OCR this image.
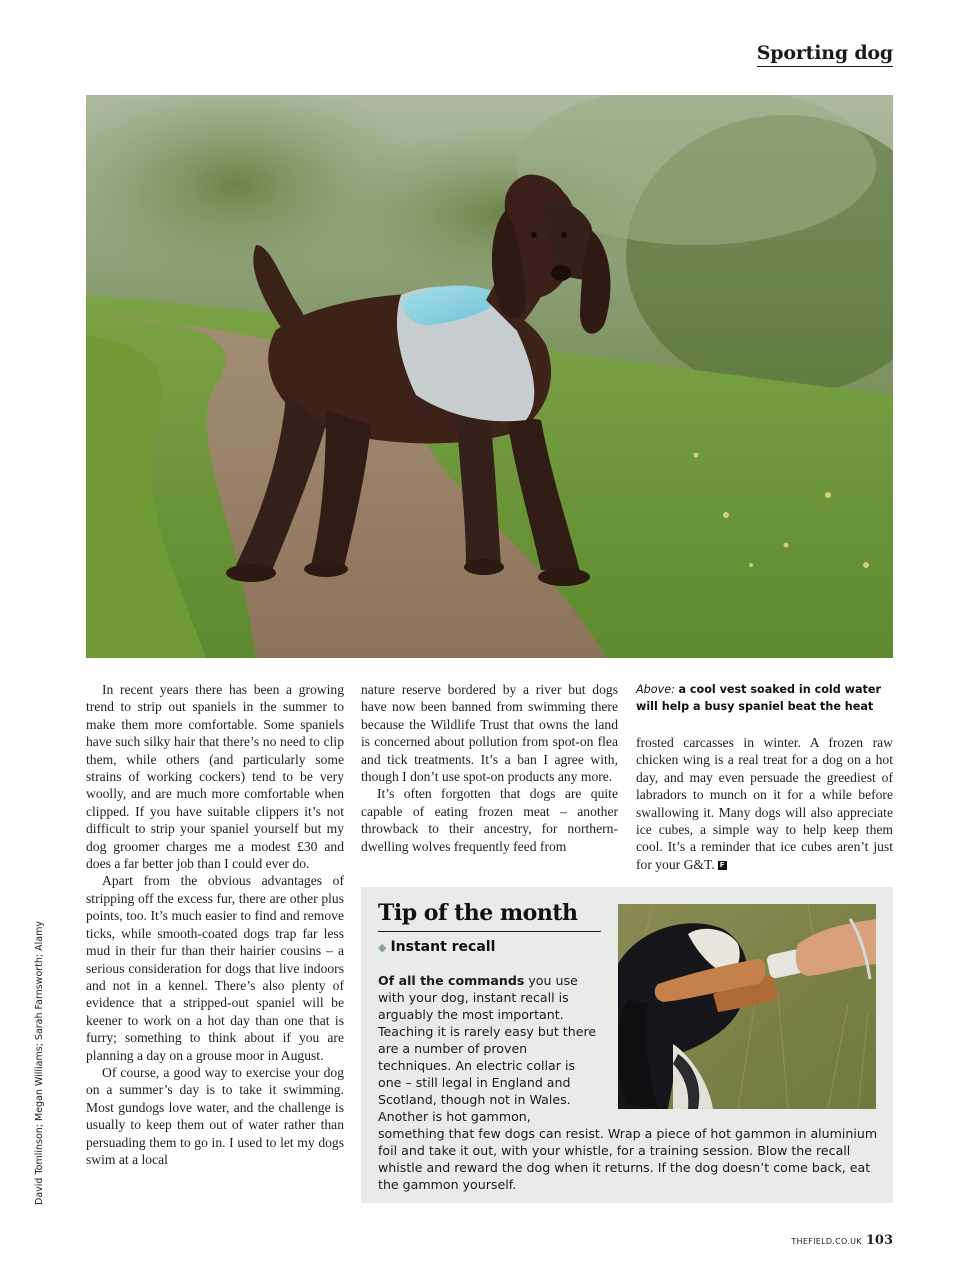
Sporting dog

In recent years there has been a growing trend to strip out spaniels in the summer to make them more comfortable. Some spaniels have such silky hair that there’s no need to clip them, while others (and particularly some strains of working cockers) tend to be very woolly, and are much more comfortable when clipped. If you have suitable clippers it’s not difficult to strip your spaniel yourself but my dog groomer charges me a modest £30 and does a far better job than I could ever do.

Apart from the obvious advantages of stripping off the excess fur, there are other plus points, too. It’s much easier to find and remove ticks, while smooth-coated dogs trap far less mud in their fur than their hairier cousins – a serious consideration for dogs that live indoors and not in a kennel. There’s also plenty of evidence that a stripped-out spaniel will be keener to work on a hot day than one that is furry; something to think about if you are planning a day on a grouse moor in August.

Of course, a good way to exercise your dog on a summer’s day is to take it swimming. Most gundogs love water, and the challenge is usually to keep them out of water rather than persuading them to go in. I used to let my dogs swim at a local

nature reserve bordered by a river but dogs have now been banned from swimming there because the Wildlife Trust that owns the land is concerned about pollution from spot-on flea and tick treatments. It’s a ban I agree with, though I don’t use spot-on products any more.

It’s often forgotten that dogs are quite capable of eating frozen meat – another throwback to their ancestry, for northern-dwelling wolves frequently feed from

Above: a cool vest soaked in cold water will help a busy spaniel beat the heat

frosted carcasses in winter. A frozen raw chicken wing is a real treat for a dog on a hot day, and may even persuade the greediest of labradors to munch on it for a while before swallowing it. Many dogs will also appreciate ice cubes, a simple way to help keep them cool. It’s a reminder that ice cubes aren’t just for your G&T. F

David Tomlinson; Megan Williams; Sarah Farnsworth; Alamy
Tip of the month
◆ Instant recall

Of all the commands you use with your dog, instant recall is arguably the most important. Teaching it is rarely easy but there are a number of proven techniques. An electric collar is one – still legal in England and Scotland, though not in Wales. Another is hot gammon,

something that few dogs can resist. Wrap a piece of hot gammon in aluminium foil and take it out, with your whistle, for a training session. Blow the recall whistle and reward the dog when it returns. If the dog doesn’t come back, eat the gammon yourself.

THEFIELD.CO.UK 103
